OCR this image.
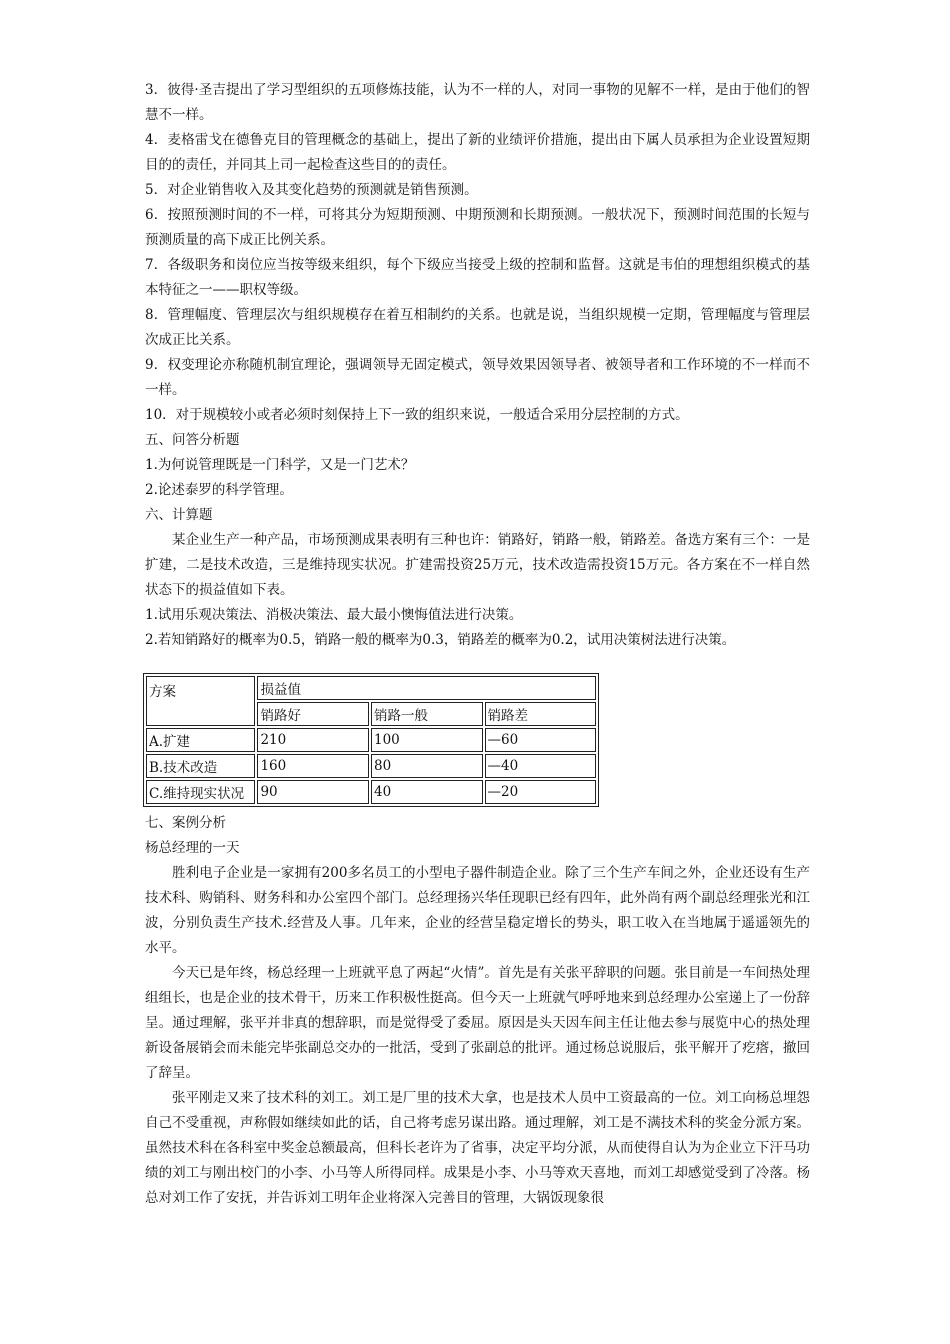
3．彼得·圣吉提出了学习型组织的五项修炼技能，认为不一样的人，对同一事物的见解不一样，是由于他们的智慧不一样。

4．麦格雷戈在德鲁克目的管理概念的基础上，提出了新的业绩评价措施，提出由下属人员承担为企业设置短期目的的责任，并同其上司一起检查这些目的的责任。

5．对企业销售收入及其变化趋势的预测就是销售预测。

6．按照预测时间的不一样，可将其分为短期预测、中期预测和长期预测。一般状况下，预测时间范围的长短与预测质量的高下成正比例关系。

7．各级职务和岗位应当按等级来组织，每个下级应当接受上级的控制和监督。这就是韦伯的理想组织模式的基本特征之一——职权等级。

8．管理幅度、管理层次与组织规模存在着互相制约的关系。也就是说，当组织规模一定期，管理幅度与管理层次成正比关系。

9．权变理论亦称随机制宜理论，强调领导无固定模式，领导效果因领导者、被领导者和工作环境的不一样而不一样。

10．对于规模较小或者必须时刻保持上下一致的组织来说，一般适合采用分层控制的方式。

五、问答分析题

1.为何说管理既是一门科学，又是一门艺术？

2.论述泰罗的科学管理。

六、计算题

某企业生产一种产品，市场预测成果表明有三种也许：销路好，销路一般，销路差。备选方案有三个：一是扩建，二是技术改造，三是维持现实状况。扩建需投资25万元，技术改造需投资15万元。各方案在不一样自然状态下的损益值如下表。

1.试用乐观决策法、消极决策法、最大最小懊悔值法进行决策。

2.若知销路好的概率为0.5，销路一般的概率为0.3，销路差的概率为0.2，试用决策树法进行决策。

方案	损益值		
	销路好	销路一般	销路差
A.扩建	210	100	—60
B.技术改造	160	80	—40
C.维持现实状况	90	40	—20

七、案例分析

杨总经理的一天

胜利电子企业是一家拥有200多名员工的小型电子器件制造企业。除了三个生产车间之外，企业还设有生产技术科、购销科、财务科和办公室四个部门。总经理扬兴华任现职已经有四年，此外尚有两个副总经理张光和江波，分别负责生产技术.经营及人事。几年来，企业的经营呈稳定增长的势头，职工收入在当地属于遥遥领先的水平。

今天已是年终，杨总经理一上班就平息了两起“火情”。首先是有关张平辞职的问题。张目前是一车间热处理组组长，也是企业的技术骨干，历来工作积极性挺高。但今天一上班就气呼呼地来到总经理办公室递上了一份辞呈。通过理解，张平并非真的想辞职，而是觉得受了委屈。原因是头天因车间主任让他去参与展览中心的热处理新设备展销会而未能完毕张副总交办的一批活，受到了张副总的批评。通过杨总说服后，张平解开了疙瘩，撤回了辞呈。

张平刚走又来了技术科的刘工。刘工是厂里的技术大拿，也是技术人员中工资最高的一位。刘工向杨总埋怨自己不受重视，声称假如继续如此的话，自己将考虑另谋出路。通过理解，刘工是不满技术科的奖金分派方案。虽然技术科在各科室中奖金总额最高，但科长老许为了省事，决定平均分派，从而使得自认为为企业立下汗马功绩的刘工与刚出校门的小李、小马等人所得同样。成果是小李、小马等欢天喜地，而刘工却感觉受到了冷落。杨总对刘工作了安抚，并告诉刘工明年企业将深入完善目的管理，大锅饭现象很
